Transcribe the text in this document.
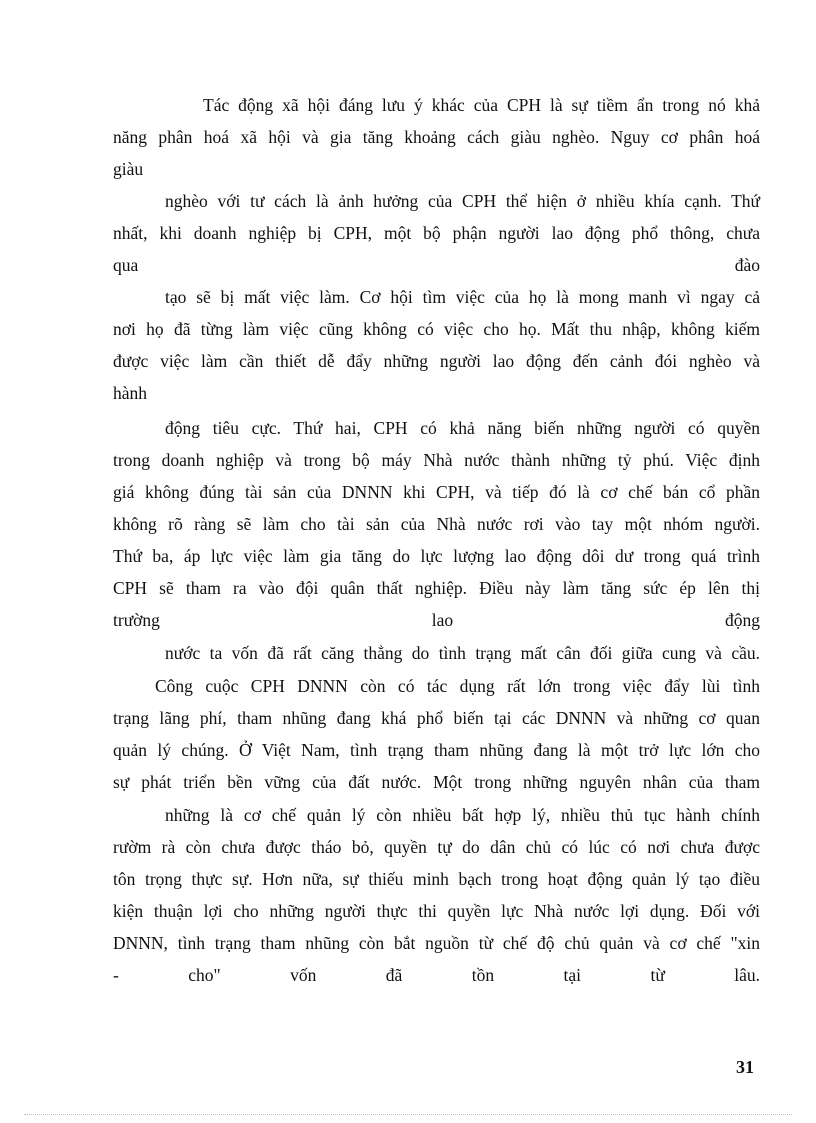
Tác động xã hội đáng lưu ý khác của CPH là sự tiềm ẩn trong nó khả
năng phân hoá xã hội và gia tăng khoảng cách giàu nghèo. Nguy cơ phân hoá
giàu
nghèo với tư cách là ảnh hưởng của CPH thể hiện ở nhiều khía cạnh. Thứ
nhất, khi doanh nghiệp bị CPH, một bộ phận người lao động phổ thông, chưa
qua đào
tạo sẽ bị mất việc làm. Cơ hội tìm việc của họ là mong manh vì ngay cả
nơi họ đã từng làm việc cũng không có việc cho họ. Mất thu nhập, không kiếm
được việc làm cần thiết dễ đẩy những người lao động đến cảnh đói nghèo và
hành
động tiêu cực. Thứ hai, CPH có khả năng biến những người có quyền
trong doanh nghiệp và trong bộ máy Nhà nước thành những tỷ phú. Việc định
giá không đúng tài sản của DNNN khi CPH, và tiếp đó là cơ chế bán cổ phần
không rõ ràng sẽ làm cho tài sản của Nhà nước rơi vào tay một nhóm người.
Thứ ba, áp lực việc làm gia tăng do lực lượng lao động dôi dư trong quá trình
CPH sẽ tham ra vào đội quân thất nghiệp. Điều này làm tăng sức ép lên thị
trường lao động
nước ta vốn đã rất căng thẳng do tình trạng mất cân đối giữa cung và cầu.
Công cuộc CPH DNNN còn có tác dụng rất lớn trong việc đẩy lùi tình
trạng lãng phí, tham nhũng đang khá phổ biến tại các DNNN và những cơ quan
quản lý chúng. Ở Việt Nam, tình trạng tham nhũng đang là một trở lực lớn cho
sự phát triển bền vững của đất nước. Một trong những nguyên nhân của tham
những là cơ chế quản lý còn nhiều bất hợp lý, nhiều thủ tục hành chính
rườm rà còn chưa được tháo bỏ, quyền tự do dân chủ có lúc có nơi chưa được
tôn trọng thực sự. Hơn nữa, sự thiếu minh bạch trong hoạt động quản lý tạo điều
kiện thuận lợi cho những người thực thi quyền lực Nhà nước lợi dụng. Đối với
DNNN, tình trạng tham nhũng còn bắt nguồn từ chế độ chủ quản và cơ chế "xin
- cho" vốn đã tồn tại từ lâu.
31
